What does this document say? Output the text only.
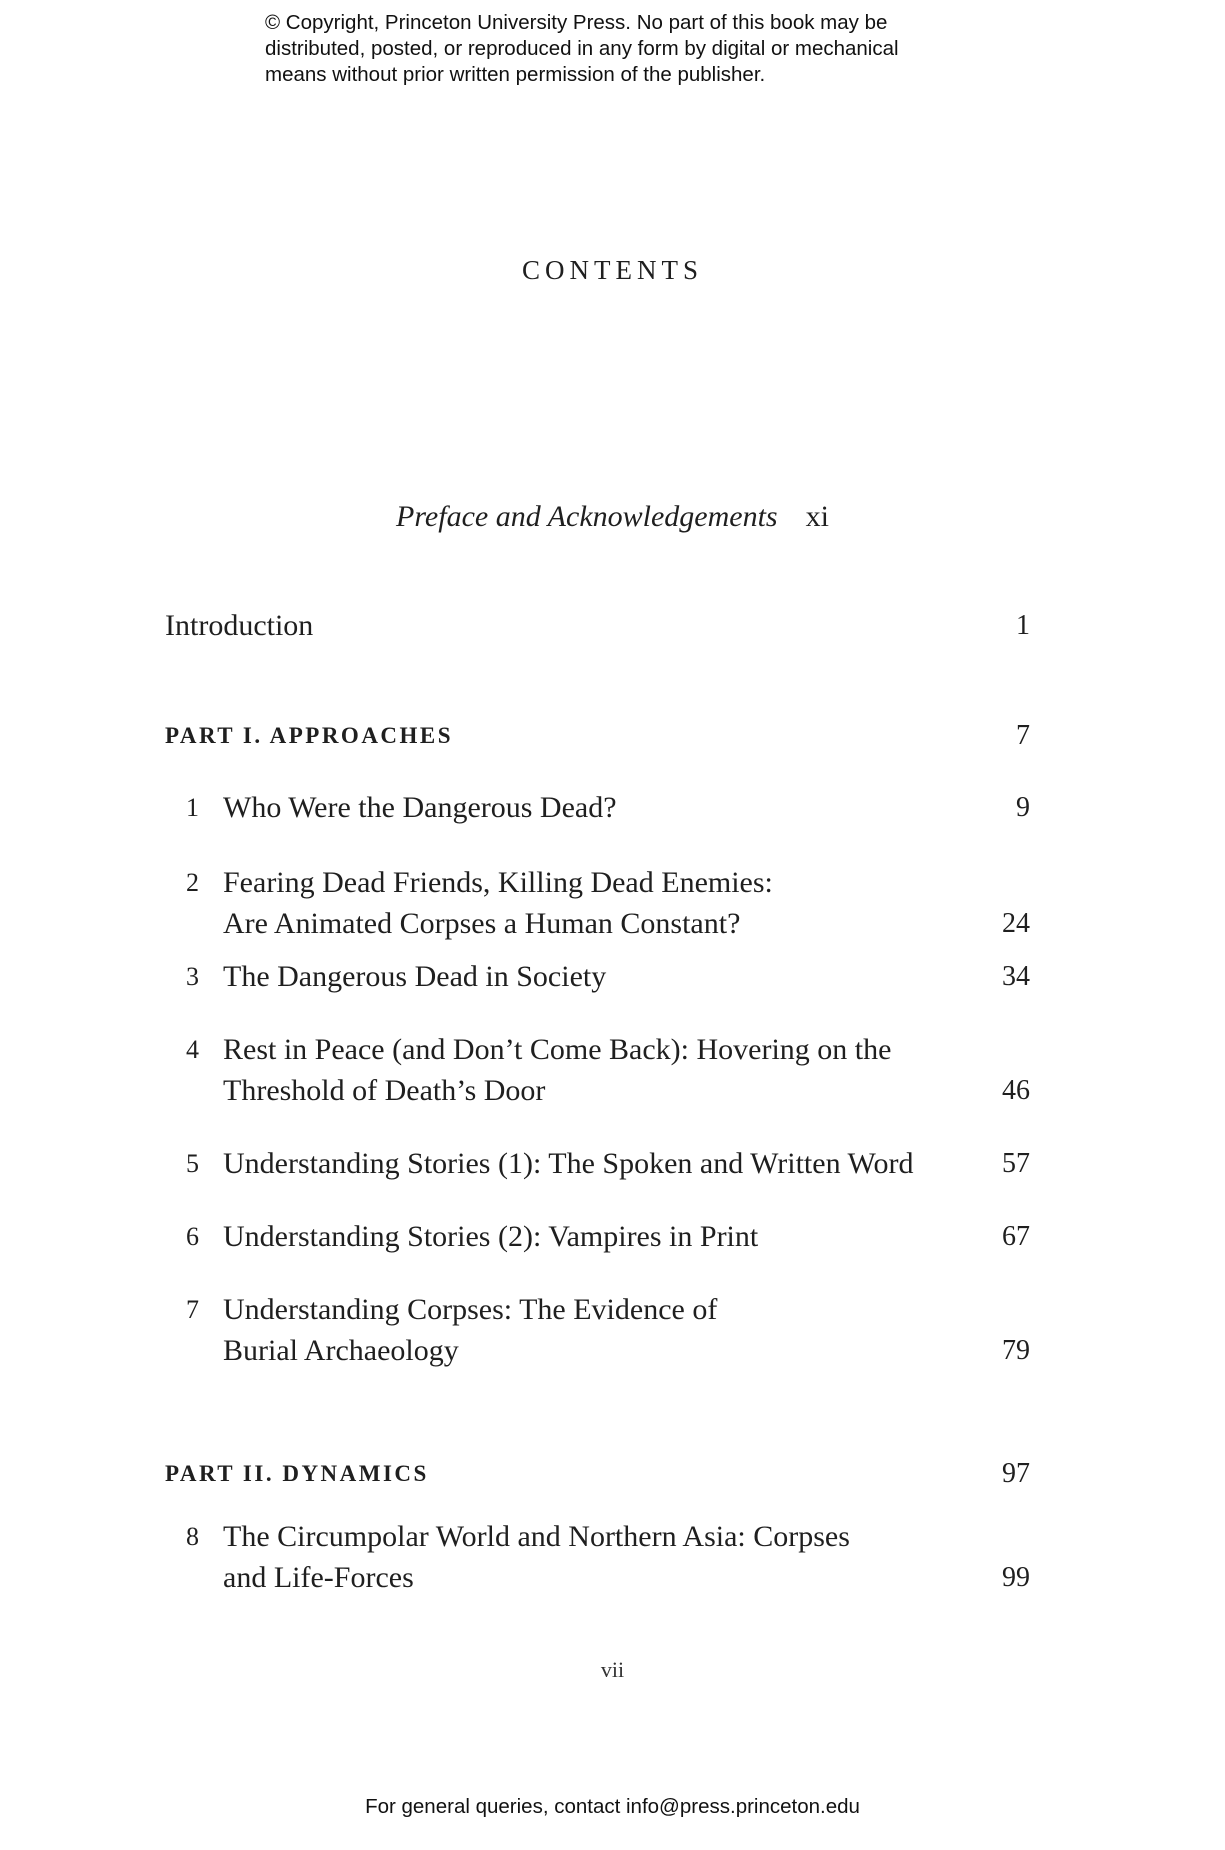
© Copyright, Princeton University Press. No part of this book may be
distributed, posted, or reproduced in any form by digital or mechanical
means without prior written permission of the publisher.
CONTENTS
Preface and Acknowledgements xi
Introduction	1
PART I. APPROACHES	7
1 Who Were the Dangerous Dead?	9
2 Fearing Dead Friends, Killing Dead Enemies:
Are Animated Corpses a Human Constant?	24
3 The Dangerous Dead in Society	34
4 Rest in Peace (and Don’t Come Back): Hovering on the
Threshold of Death’s Door	46
5 Understanding Stories (1): The Spoken and Written Word	57
6 Understanding Stories (2): Vampires in Print	67
7 Understanding Corpses: The Evidence of
Burial Archaeology	79
PART II. DYNAMICS	97
8 The Circumpolar World and Northern Asia: Corpses
and Life-Forces	99
vii
For general queries, contact info@press.princeton.edu
